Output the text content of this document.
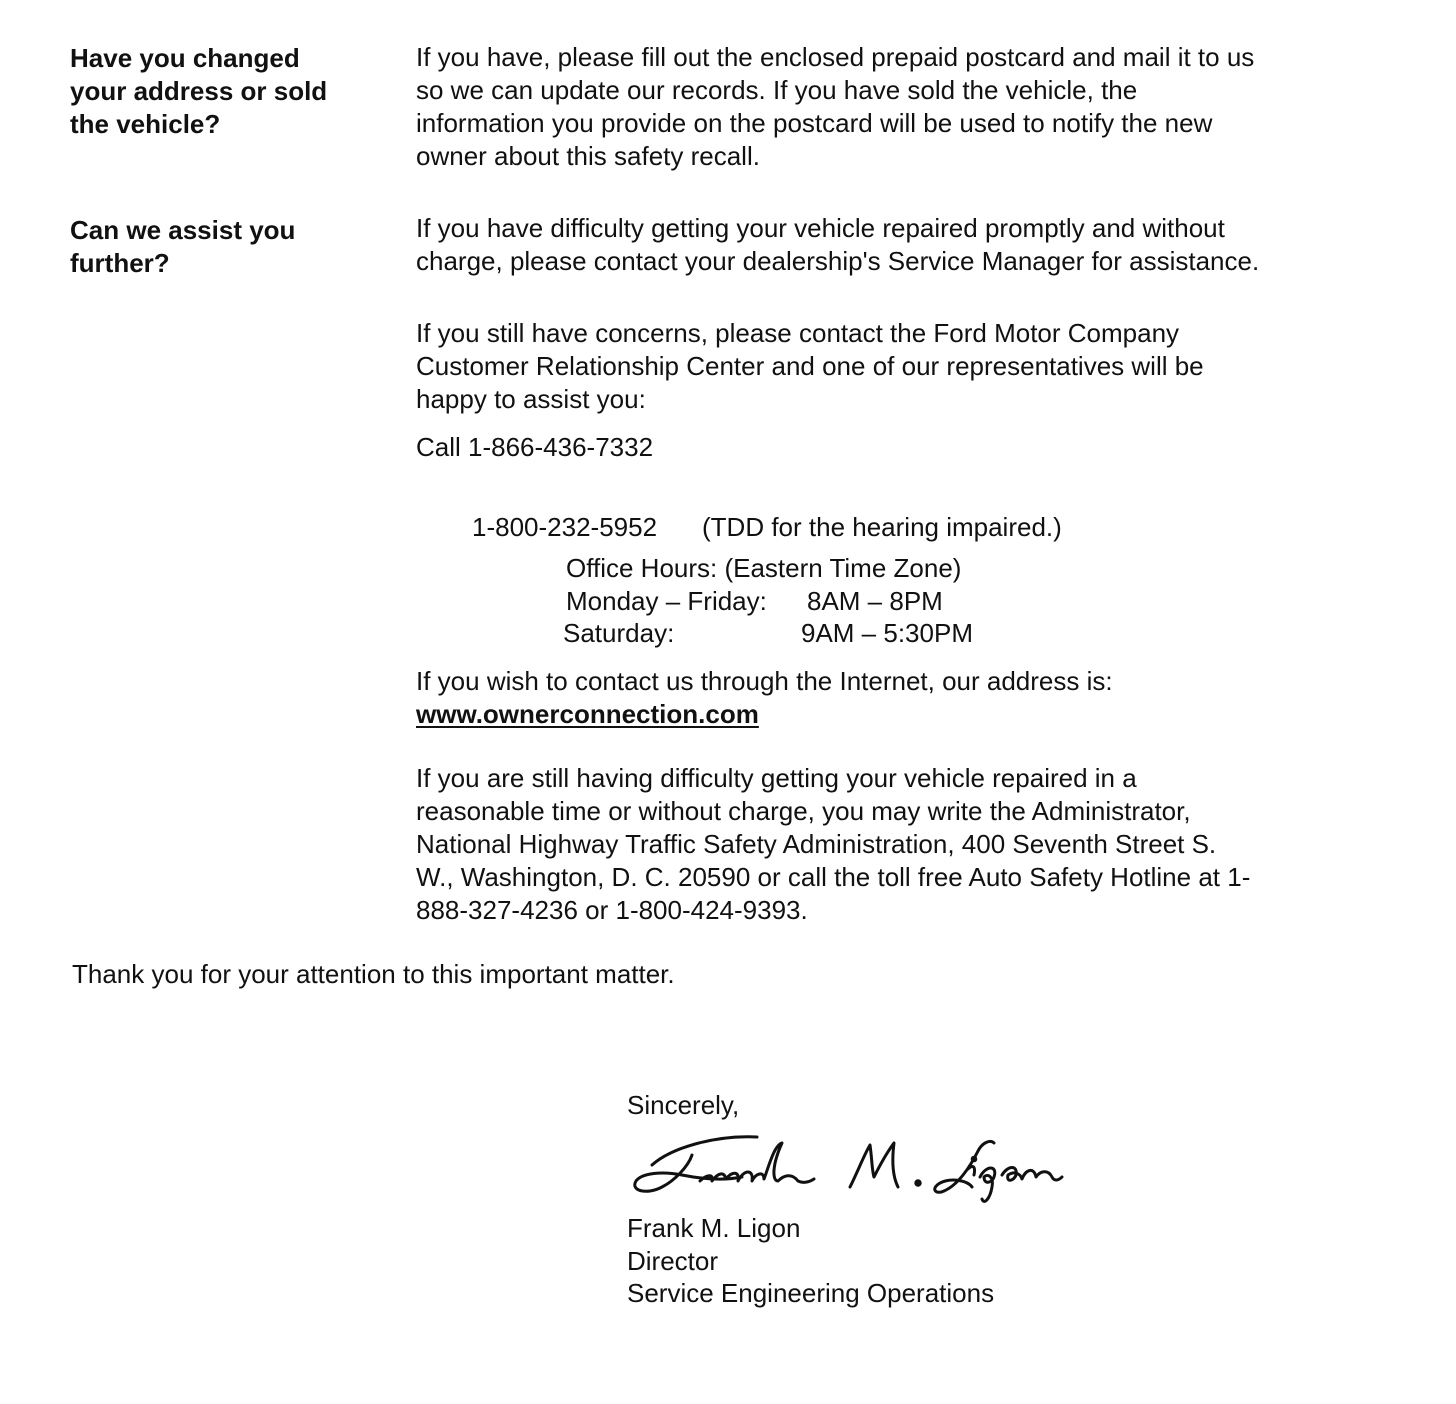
Have you changed
your address or sold
the vehicle?
If you have, please fill out the enclosed prepaid postcard and mail it to us
so we can update our records. If you have sold the vehicle, the
information you provide on the postcard will be used to notify the new
owner about this safety recall.
Can we assist you
further?
If you have difficulty getting your vehicle repaired promptly and without
charge, please contact your dealership's Service Manager for assistance.
If you still have concerns, please contact the Ford Motor Company
Customer Relationship Center and one of our representatives will be
happy to assist you:
Call 1-866-436-7332
1-800-232-5952 (TDD for the hearing impaired.)
Office Hours: (Eastern Time Zone)
Monday – Friday: 8AM – 8PM
Saturday:	9AM – 5:30PM
If you wish to contact us through the Internet, our address is:
www.ownerconnection.com
If you are still having difficulty getting your vehicle repaired in a
reasonable time or without charge, you may write the Administrator,
National Highway Traffic Safety Administration, 400 Seventh Street S.
W., Washington, D. C. 20590 or call the toll free Auto Safety Hotline at 1-
888-327-4236 or 1-800-424-9393.
Thank you for your attention to this important matter.
Sincerely,
Frank M. Ligon
Director
Service Engineering Operations
